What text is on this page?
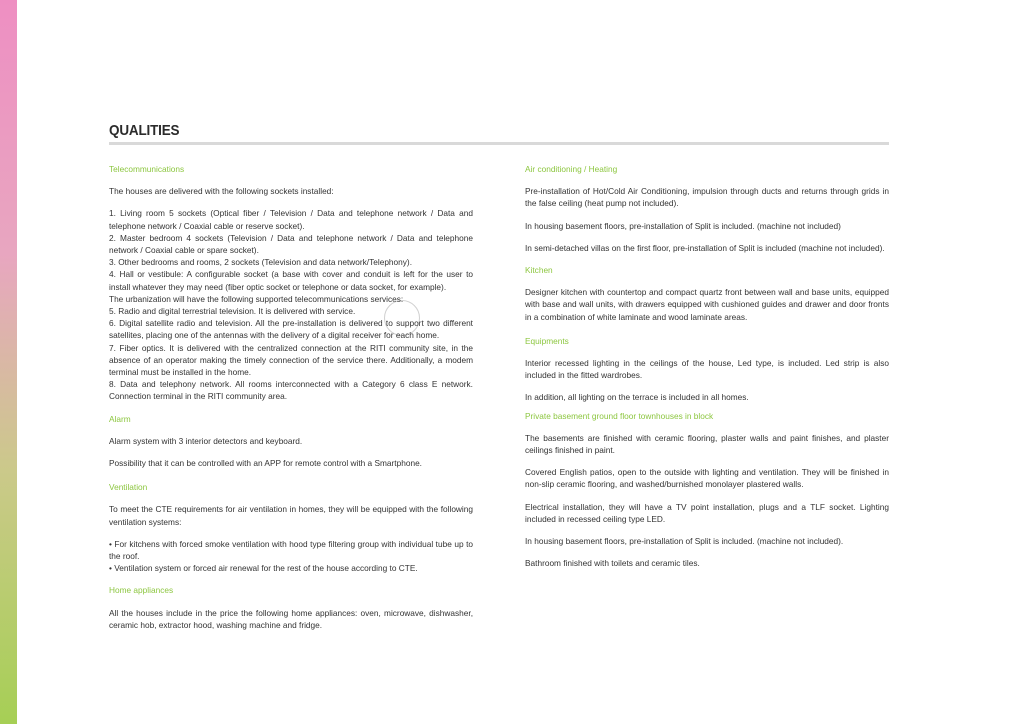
QUALITIES

Telecommunications

The houses are delivered with the following sockets installed:

1. Living room 5 sockets (Optical fiber / Television / Data and telephone network / Data and telephone network / Coaxial cable or reserve socket).

2. Master bedroom 4 sockets (Television / Data and telephone network / Data and telephone network / Coaxial cable or spare socket).

3. Other bedrooms and rooms, 2 sockets (Television and data network/Telephony).

4. Hall or vestibule: A configurable socket (a base with cover and conduit is left for the user to install whatever they may need (fiber optic socket or telephone or data socket, for example).

The urbanization will have the following supported telecommunications services:

5. Radio and digital terrestrial television. It is delivered with service.

6. Digital satellite radio and television. All the pre-installation is delivered to support two different satellites, placing one of the antennas with the delivery of a digital receiver for each home.

7. Fiber optics. It is delivered with the centralized connection at the RITI community site, in the absence of an operator making the timely connection of the service there. Additionally, a modem terminal must be installed in the home.

8. Data and telephony network. All rooms interconnected with a Category 6 class E network. Connection terminal in the RITI community area.

Alarm

Alarm system with 3 interior detectors and keyboard.

Possibility that it can be controlled with an APP for remote control with a Smartphone.

Ventilation

To meet the CTE requirements for air ventilation in homes, they will be equipped with the following ventilation systems:

• For kitchens with forced smoke ventilation with hood type filtering group with individual tube up to the roof.

• Ventilation system or forced air renewal for the rest of the house according to CTE.

Home appliances

All the houses include in the price the following home appliances: oven, microwave, dishwasher, ceramic hob, extractor hood, washing machine and fridge.

Air conditioning / Heating

Pre-installation of Hot/Cold Air Conditioning, impulsion through ducts and returns through grids in the false ceiling (heat pump not included).

In housing basement floors, pre-installation of Split is included. (machine not included)

In semi-detached villas on the first floor, pre-installation of Split is included (machine not included).

Kitchen

Designer kitchen with countertop and compact quartz front between wall and base units, equipped with base and wall units, with drawers equipped with cushioned guides and drawer and door fronts in a combination of white laminate and wood laminate areas.

Equipments

Interior recessed lighting in the ceilings of the house, Led type, is included. Led strip is also included in the fitted wardrobes.

In addition, all lighting on the terrace is included in all homes.

Private basement ground floor townhouses in block

The basements are finished with ceramic flooring, plaster walls and paint finishes, and plaster ceilings finished in paint.

Covered English patios, open to the outside with lighting and ventilation. They will be finished in non-slip ceramic flooring, and washed/burnished monolayer plastered walls.

Electrical installation, they will have a TV point installation, plugs and a TLF socket. Lighting included in recessed ceiling type LED.

In housing basement floors, pre-installation of Split is included. (machine not included).

Bathroom finished with toilets and ceramic tiles.
